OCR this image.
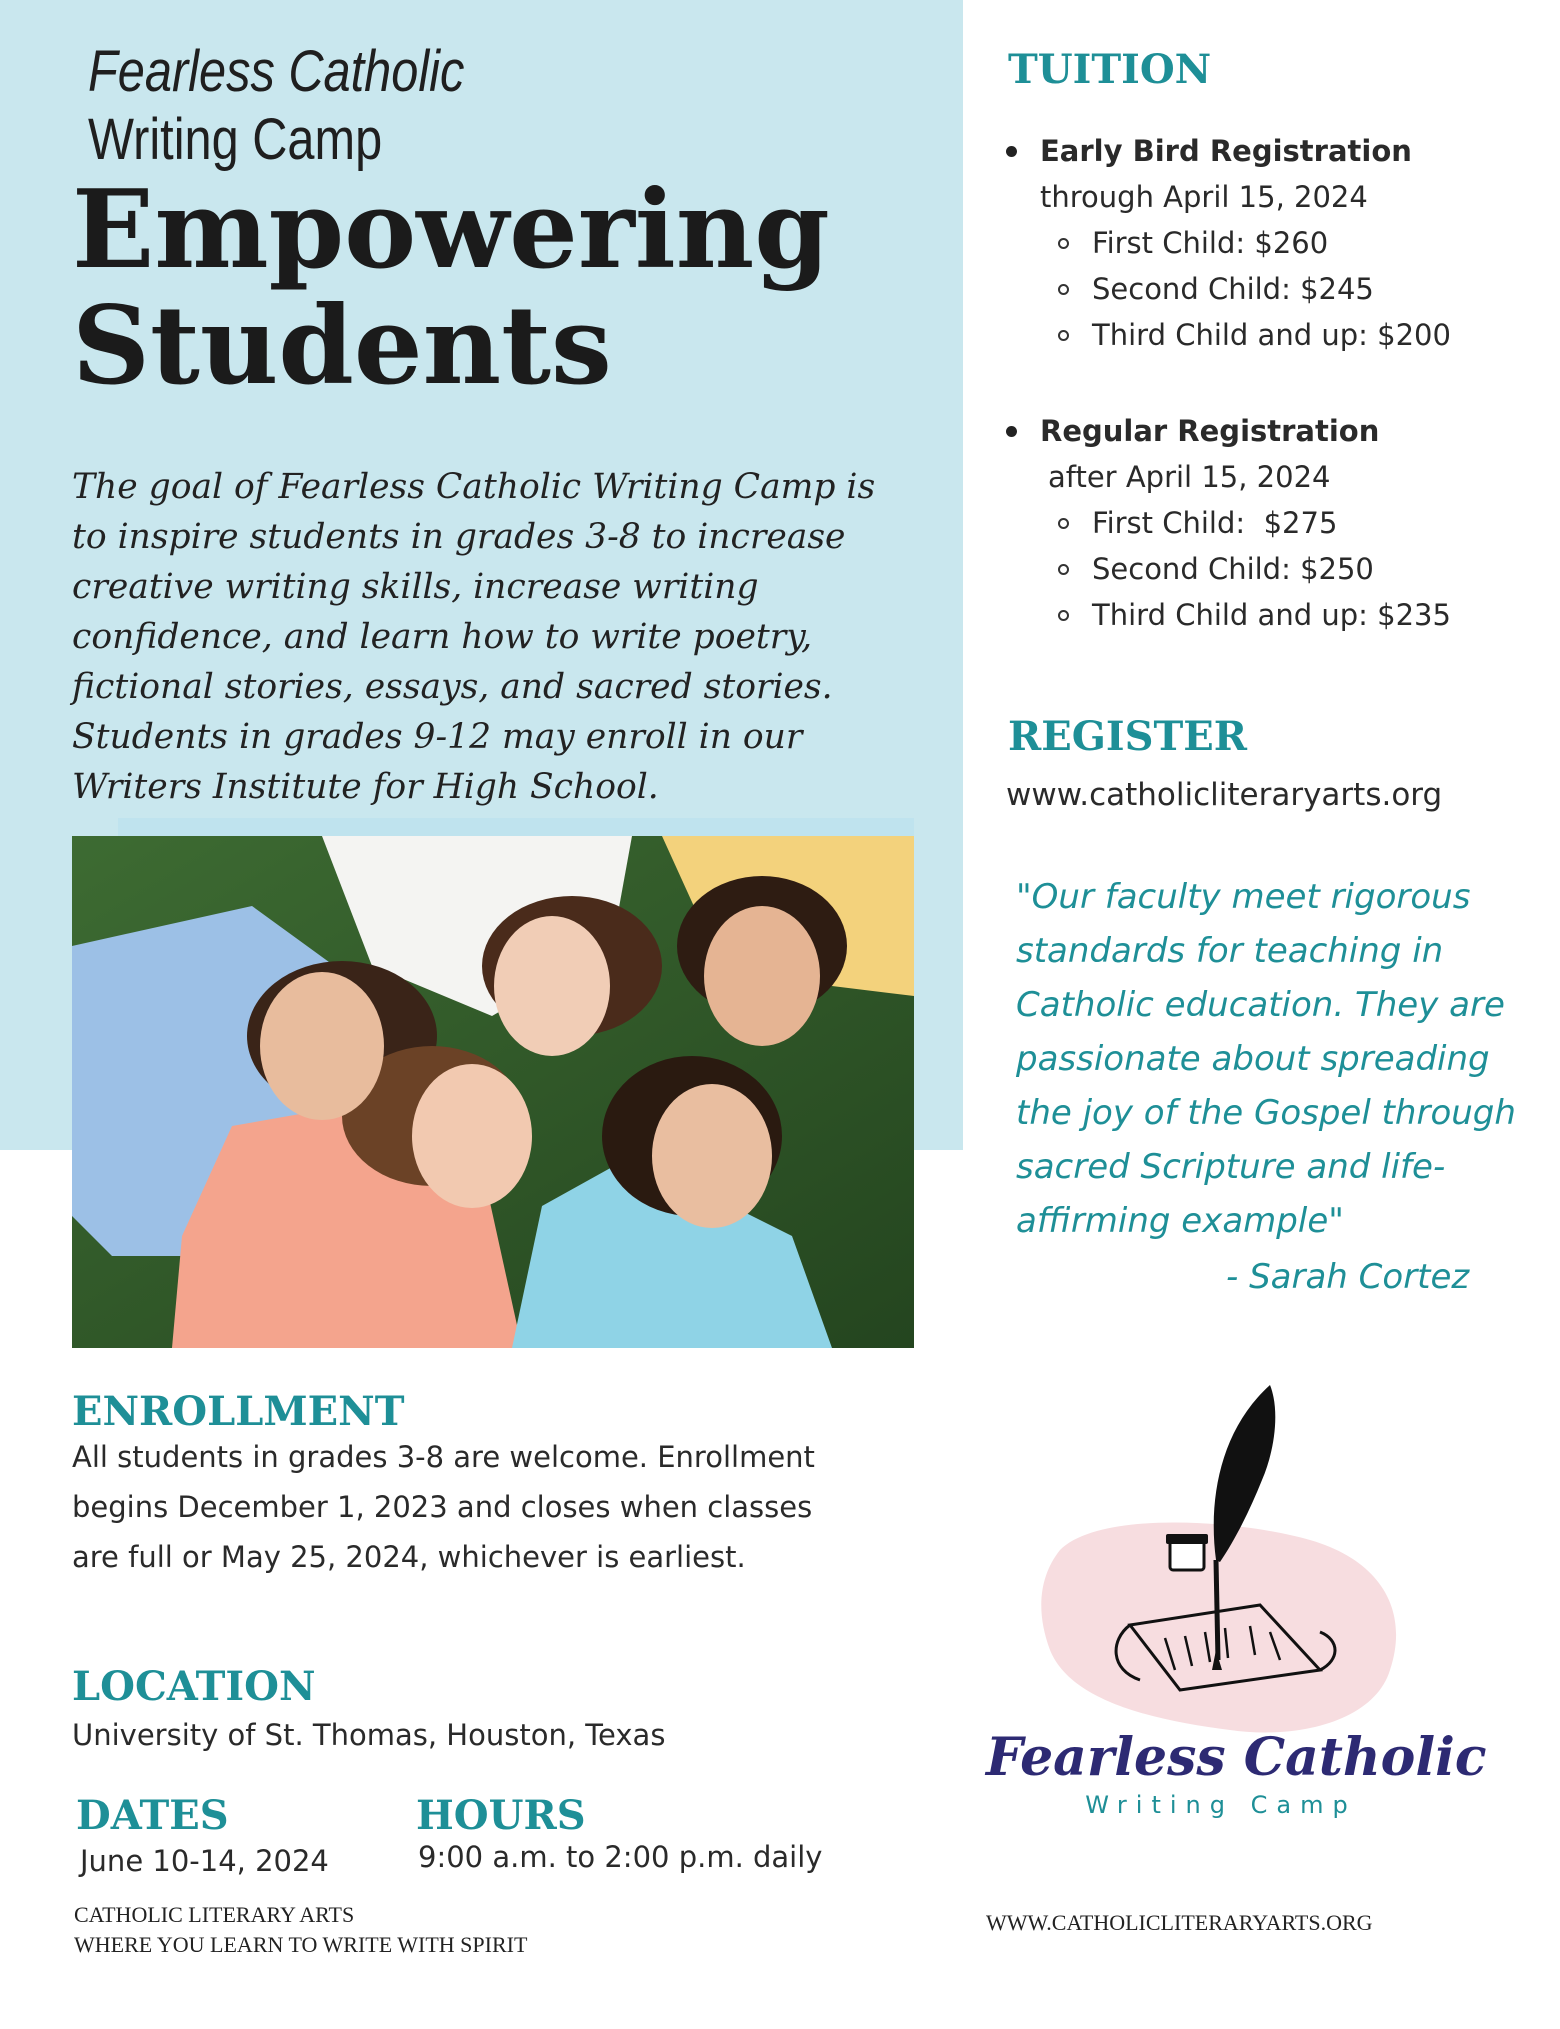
Fearless Catholic
Writing Camp
Empowering
Students
The goal of Fearless Catholic Writing Camp is
to inspire students in grades 3-8 to increase
creative writing skills, increase writing
confidence, and learn how to write poetry,
fictional stories, essays, and sacred stories.
Students in grades 9-12 may enroll in our
Writers Institute for High School.
TUITION
Early Bird Registration
through April 15, 2024
First Child: $260
Second Child: $245
Third Child and up: $200
Regular Registration
after April 15, 2024
First Child:  $275
Second Child: $250
Third Child and up: $235
REGISTER
www.catholicliteraryarts.org
"Our faculty meet rigorous
standards for teaching in
Catholic education. They are
passionate about spreading
the joy of the Gospel through
sacred Scripture and life-
affirming example"
- Sarah Cortez
ENROLLMENT
All students in grades 3-8 are welcome. Enrollment
begins December 1, 2023 and closes when classes
are full or May 25, 2024, whichever is earliest.
LOCATION
University of St. Thomas, Houston, Texas
DATES
June 10-14, 2024
HOURS
9:00 a.m. to 2:00 p.m. daily
CATHOLIC LITERARY ARTS
WHERE YOU LEARN TO WRITE WITH SPIRIT
Fearless Catholic
Writing Camp
WWW.CATHOLICLITERARYARTS.ORG
